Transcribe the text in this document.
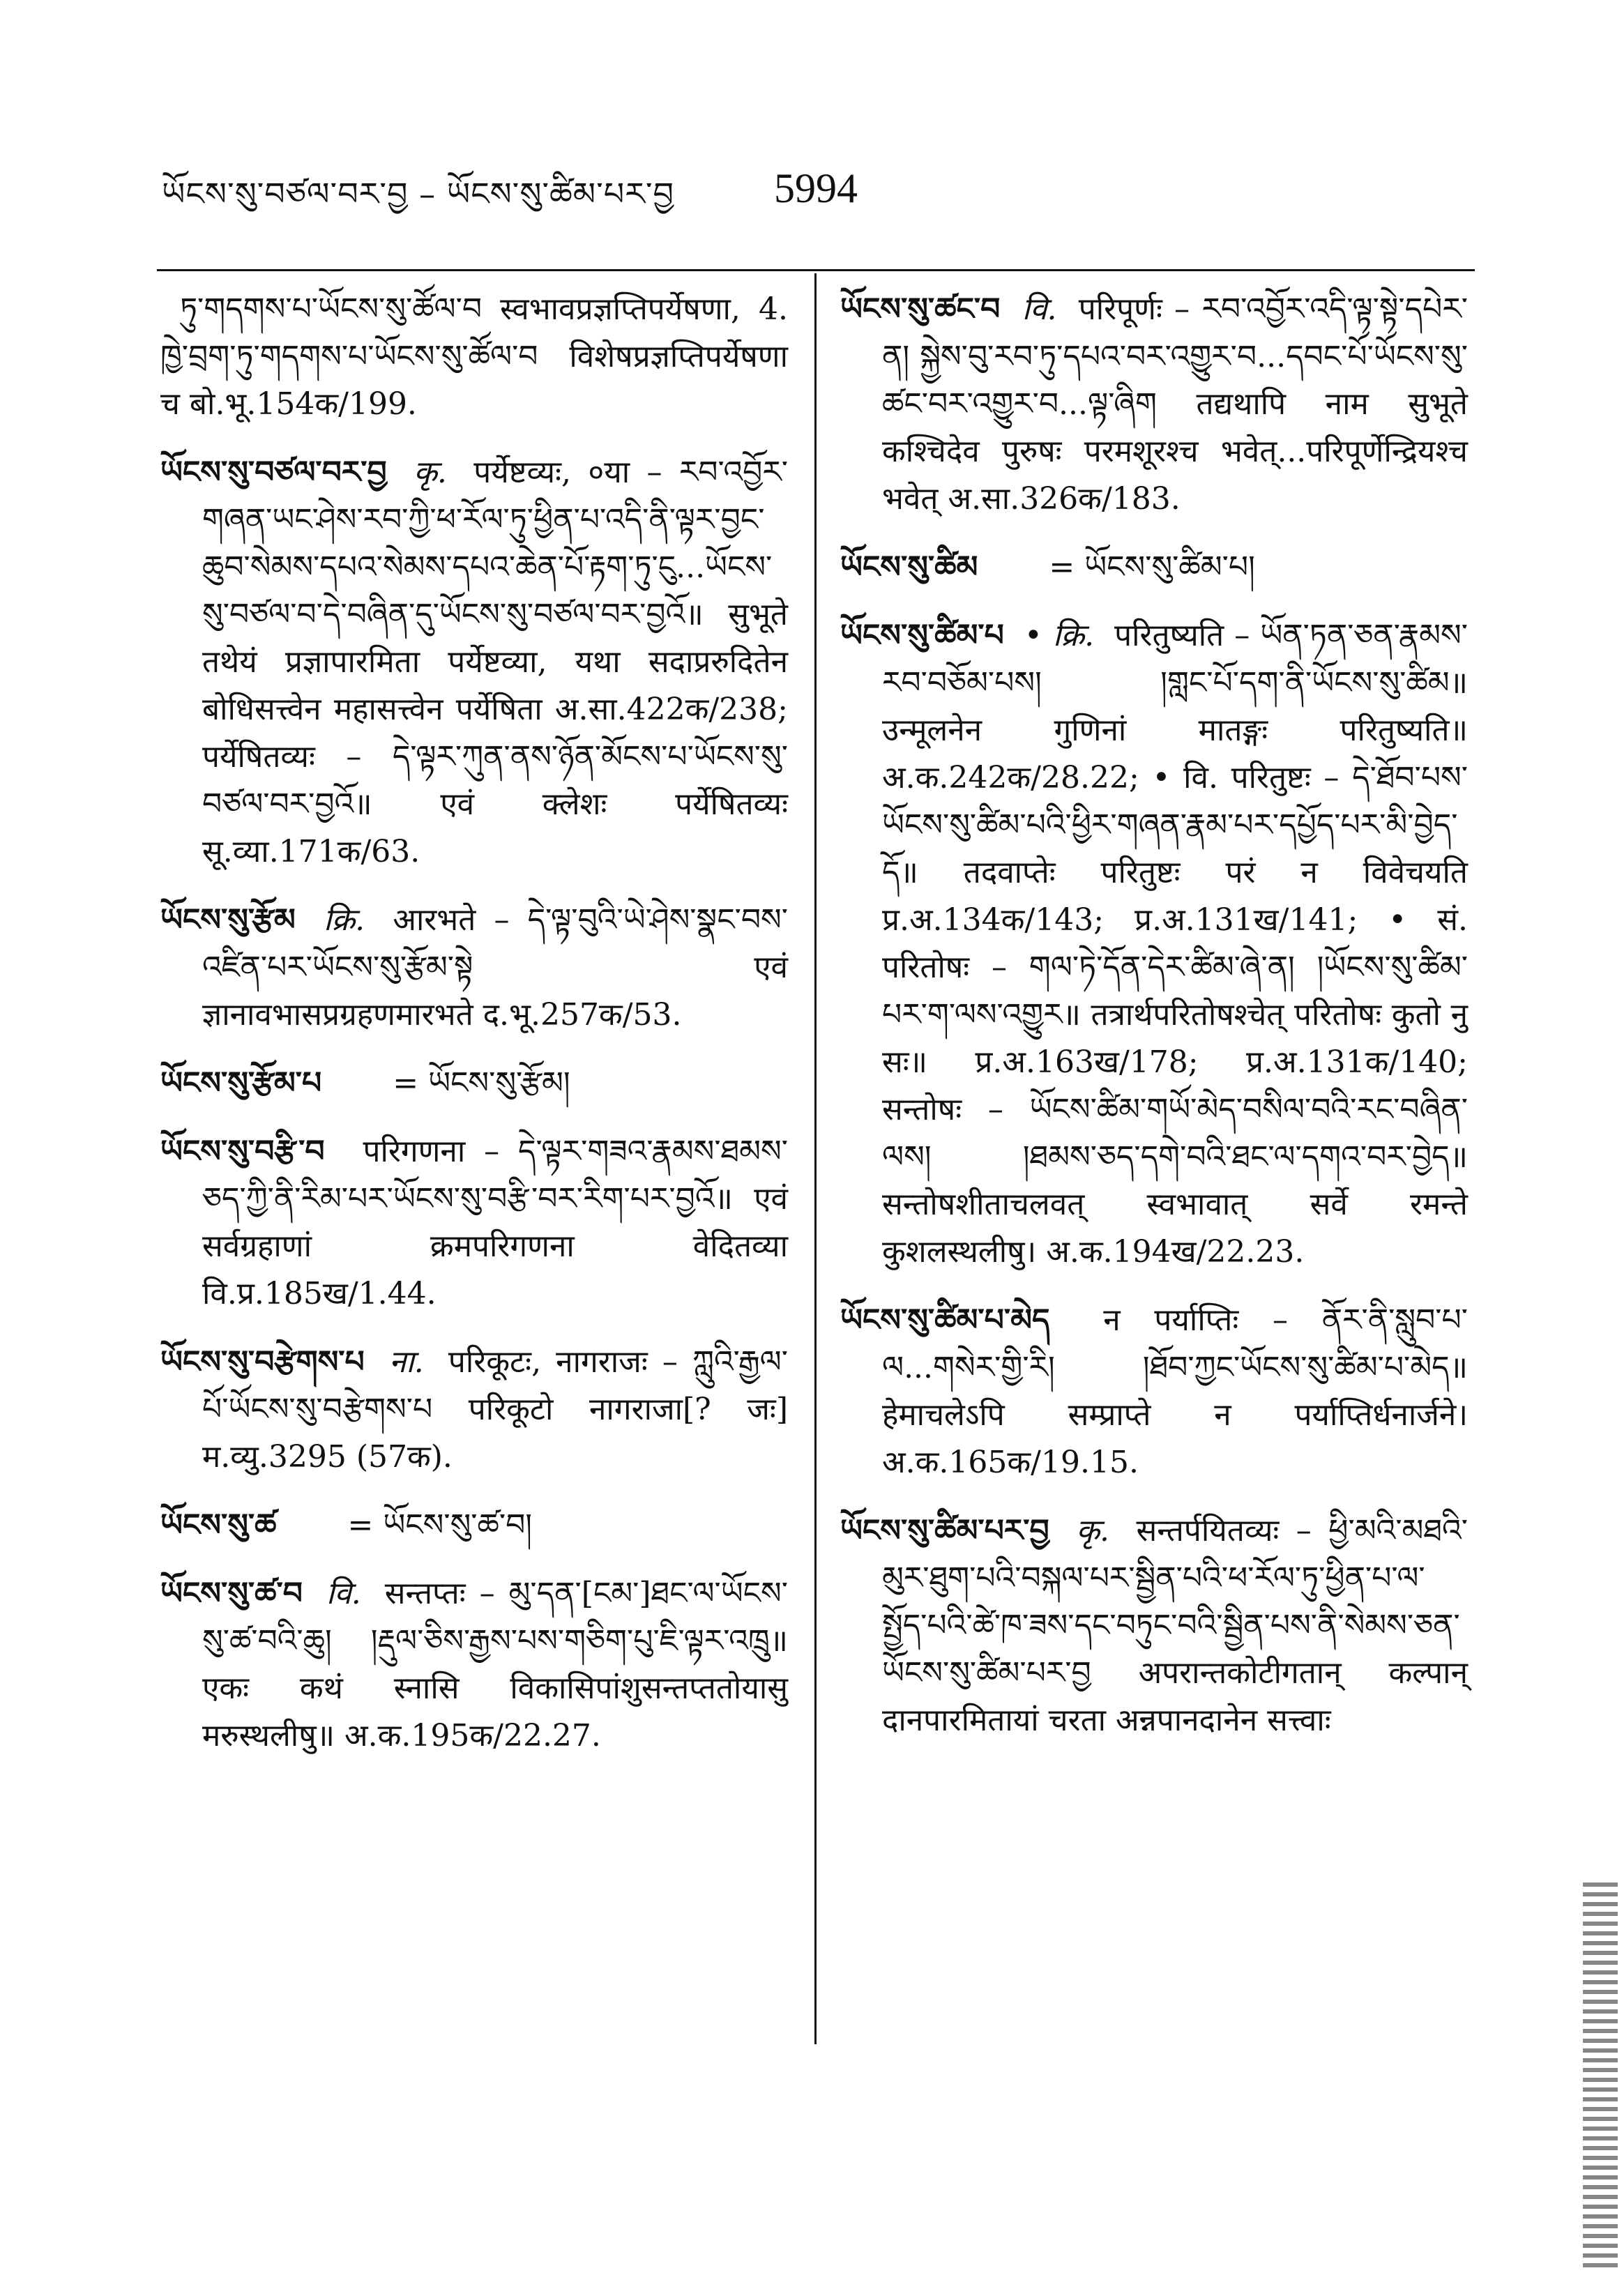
ཡོངས་སུ་བཙལ་བར་བྱ – ཡོངས་སུ་ཚིམ་པར་བྱ	5994

ཏུ་གདགས་པ་ཡོངས་སུ་ཚོལ་བ स्वभावप्रज्ञप्तिपर्येषणा, 4. ཁྱེ་བྲག་ཏུ་གདགས་པ་ཡོངས་སུ་ཚོལ་བ विशेषप्रज्ञप्तिपर्येषणा च बो.भू.154क/199.

ཡོངས་སུ་བཙལ་བར་བྱ कृ. पर्येष्टव्यः, ०या – རབ་འབྱོར་གཞན་ཡང་ཤེས་རབ་ཀྱི་ཕ་རོལ་ཏུ་ཕྱིན་པ་འདི་ནི་ལྟར་བྱང་ཆུབ་སེམས་དཔའ་སེམས་དཔའ་ཆེན་པོ་རྟག་ཏུ་ངུ...ཡོངས་སུ་བཙལ་བ་དེ་བཞིན་དུ་ཡོངས་སུ་བཙལ་བར་བྱའོ॥ सुभूते तथेयं प्रज्ञापारमिता पर्येष्टव्या, यथा सदाप्ररुदितेन बोधिसत्त्वेन महासत्त्वेन पर्येषिता अ.सा.422क/238; पर्येषितव्यः – དེ་ལྟར་ཀུན་ནས་ཉོན་མོངས་པ་ཡོངས་སུ་བཙལ་བར་བྱའོ॥ एवं क्लेशः पर्येषितव्यः सू.व्या.171क/63.

ཡོངས་སུ་རྩོམ क्रि. आरभते – དེ་ལྟ་བུའི་ཡེ་ཤེས་སྣང་བས་འཛིན་པར་ཡོངས་སུ་རྩོམ་སྟེ एवं ज्ञानावभासप्रग्रहणमारभते द.भू.257क/53.

ཡོངས་སུ་རྩོམ་པ = ཡོངས་སུ་རྩོམ།

ཡོངས་སུ་བརྩི་བ परिगणना – དེ་ལྟར་གཟའ་རྣམས་ཐམས་ཅད་ཀྱི་ནི་རིམ་པར་ཡོངས་སུ་བརྩི་བར་རིག་པར་བྱའོ॥ एवं सर्वग्रहाणां क्रमपरिगणना वेदितव्या वि.प्र.185ख/1.44.

ཡོངས་སུ་བརྩེགས་པ ना. परिकूटः, नागराजः – ཀླུའི་རྒྱལ་པོ་ཡོངས་སུ་བརྩེགས་པ परिकूटो नागराजा[? जः] म.व्यु.3295 (57क).

ཡོངས་སུ་ཚ = ཡོངས་སུ་ཚ་བ།

ཡོངས་སུ་ཚ་བ वि. सन्तप्तः – མུ་དན་[ངམ་]ཐང་ལ་ཡོངས་སུ་ཚ་བའི་ཆུ། །རྡུལ་ཅིས་རྒྱས་པས་གཅིག་པུ་ཇི་ལྟར་འཁྲུ॥ एकः कथं स्नासि विकासिपांशुसन्तप्ततोयासु मरुस्थलीषु॥ अ.क.195क/22.27.

ཡོངས་སུ་ཚང་བ वि. परिपूर्णः – རབ་འབྱོར་འདི་ལྟ་སྟེ་དཔེར་ན། སྐྱེས་བུ་རབ་ཏུ་དཔའ་བར་འགྱུར་བ...དབང་པོ་ཡོངས་སུ་ཚང་བར་འགྱུར་བ...ལྟ་ཞིག तद्यथापि नाम सुभूते कश्चिदेव पुरुषः परमशूरश्च भवेत्...परिपूर्णेन्द्रियश्च भवेत् अ.सा.326क/183.

ཡོངས་སུ་ཚིམ = ཡོངས་སུ་ཚིམ་པ།

ཡོངས་སུ་ཚིམ་པ • क्रि. परितुष्यति – ཡོན་ཏན་ཅན་རྣམས་རབ་བཅོམ་པས། །གླང་པོ་དག་ནི་ཡོངས་སུ་ཚིམ॥ उन्मूलनेन गुणिनां मातङ्गः परितुष्यति॥ अ.क.242क/28.22; • वि. परितुष्टः – དེ་ཐོབ་པས་ཡོངས་སུ་ཚིམ་པའི་ཕྱིར་གཞན་རྣམ་པར་དཔྱོད་པར་མི་བྱེད་དོ॥ तदवाप्तेः परितुष्टः परं न विवेचयति प्र.अ.134क/143; प्र.अ.131ख/141; • सं. परितोषः – གལ་ཏེ་དོན་དེར་ཚིམ་ཞེ་ན། །ཡོངས་སུ་ཚིམ་པར་ག་ལས་འགྱུར॥ तत्रार्थपरितोषश्चेत् परितोषः कुतो नु सः॥ प्र.अ.163ख/178; प्र.अ.131क/140; सन्तोषः – ཡོངས་ཚིམ་གཡོ་མེད་བསིལ་བའི་རང་བཞིན་ལས། །ཐམས་ཅད་དགེ་བའི་ཐང་ལ་དགའ་བར་བྱེད॥ सन्तोषशीताचलवत् स्वभावात् सर्वे रमन्ते कुशलस्थलीषु। अ.क.194ख/22.23.

ཡོངས་སུ་ཚིམ་པ་མེད न पर्याप्तिः – ནོར་ནི་སླུབ་པ་ལ...གསེར་གྱི་རི། །ཐོབ་ཀྱང་ཡོངས་སུ་ཚིམ་པ་མེད॥ हेमाचलेऽपि सम्प्राप्ते न पर्याप्तिर्धनार्जने। अ.क.165क/19.15.

ཡོངས་སུ་ཚིམ་པར་བྱ कृ. सन्तर्पयितव्यः – ཕྱི་མའི་མཐའི་མུར་ཐུག་པའི་བསྐལ་པར་སྦྱིན་པའི་ཕ་རོལ་ཏུ་ཕྱིན་པ་ལ་སྤྱོད་པའི་ཚེ་ཁ་ཟས་དང་བཏུང་བའི་སྦྱིན་པས་ནི་སེམས་ཅན་ཡོངས་སུ་ཚིམ་པར་བྱ अपरान्तकोटीगतान् कल्पान् दानपारमितायां चरता अन्नपानदानेन सत्त्वाः
